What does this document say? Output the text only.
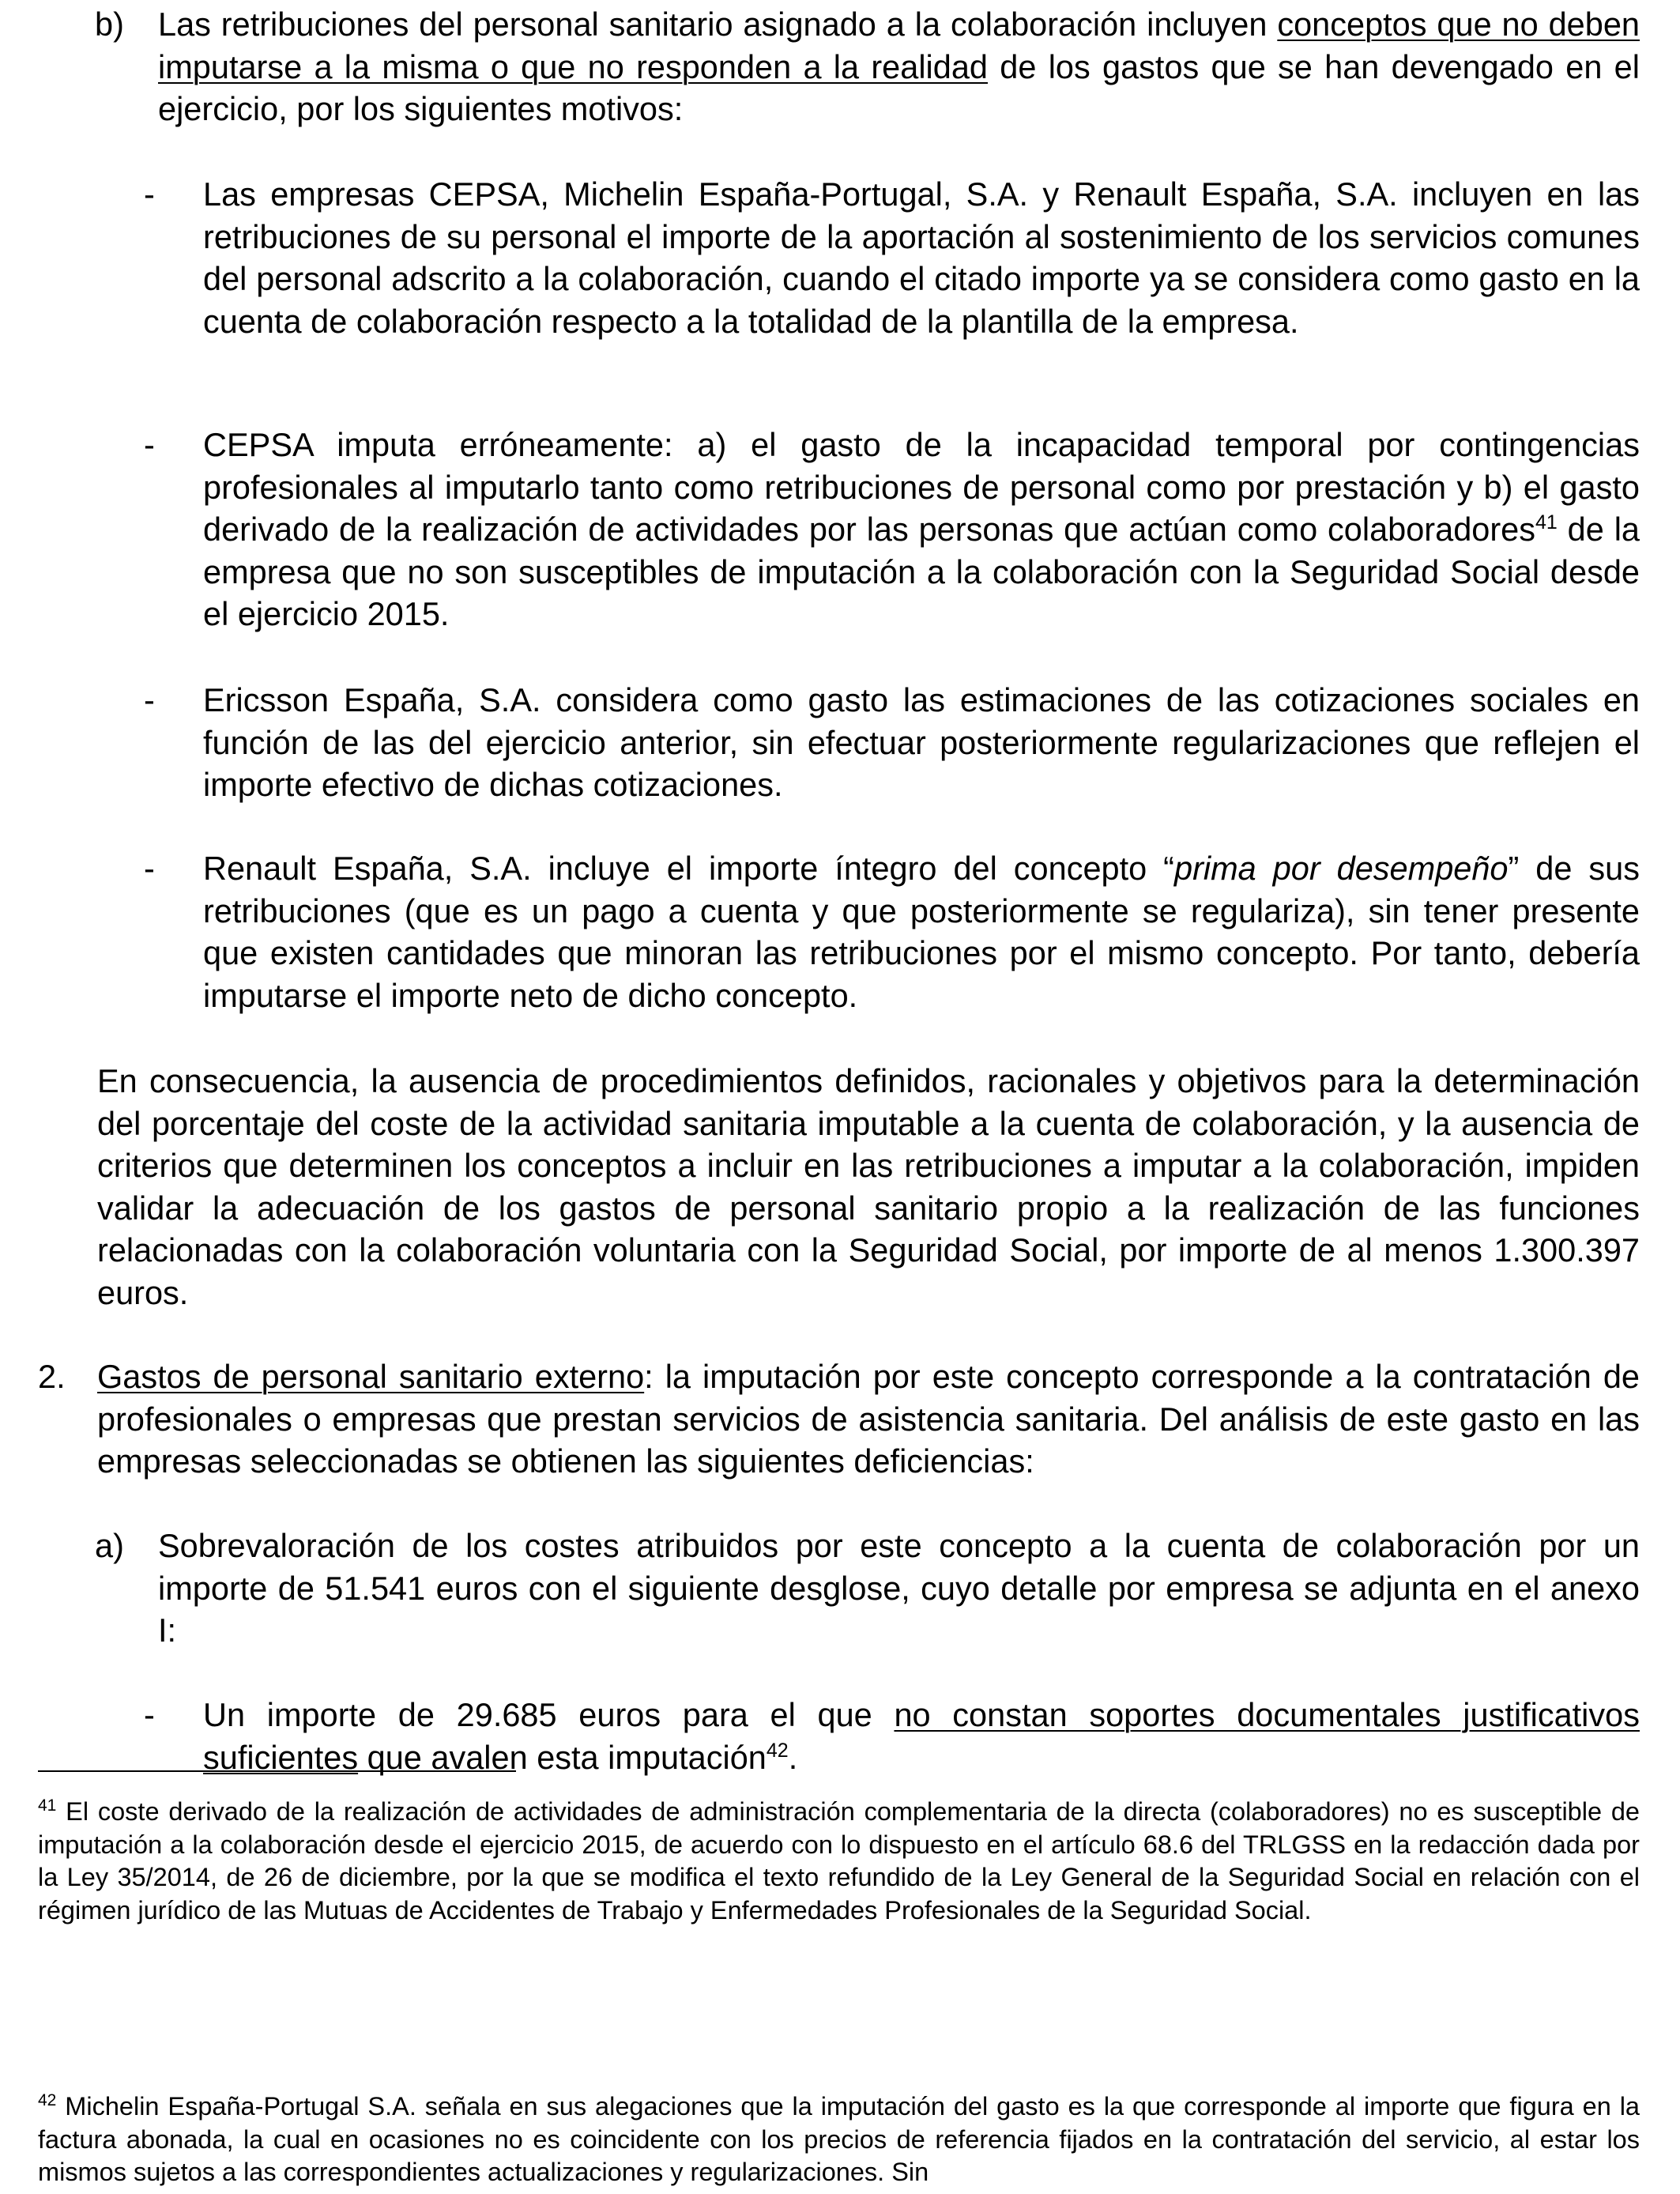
b) Las retribuciones del personal sanitario asignado a la colaboración incluyen conceptos que no deben imputarse a la misma o que no responden a la realidad de los gastos que se han devengado en el ejercicio, por los siguientes motivos:
- Las empresas CEPSA, Michelin España-Portugal, S.A. y Renault España, S.A. incluyen en las retribuciones de su personal el importe de la aportación al sostenimiento de los servicios comunes del personal adscrito a la colaboración, cuando el citado importe ya se considera como gasto en la cuenta de colaboración respecto a la totalidad de la plantilla de la empresa.
- CEPSA imputa erróneamente: a) el gasto de la incapacidad temporal por contingencias profesionales al imputarlo tanto como retribuciones de personal como por prestación y b) el gasto derivado de la realización de actividades por las personas que actúan como colaboradores$^{41}$ de la empresa que no son susceptibles de imputación a la colaboración con la Seguridad Social desde el ejercicio 2015.
- Ericsson España, S.A. considera como gasto las estimaciones de las cotizaciones sociales en función de las del ejercicio anterior, sin efectuar posteriormente regularizaciones que reflejen el importe efectivo de dichas cotizaciones.
- Renault España, S.A. incluye el importe íntegro del concepto “prima por desempeño” de sus retribuciones (que es un pago a cuenta y que posteriormente se regulariza), sin tener presente que existen cantidades que minoran las retribuciones por el mismo concepto. Por tanto, debería imputarse el importe neto de dicho concepto.
En consecuencia, la ausencia de procedimientos definidos, racionales y objetivos para la determinación del porcentaje del coste de la actividad sanitaria imputable a la cuenta de colaboración, y la ausencia de criterios que determinen los conceptos a incluir en las retribuciones a imputar a la colaboración, impiden validar la adecuación de los gastos de personal sanitario propio a la realización de las funciones relacionadas con la colaboración voluntaria con la Seguridad Social, por importe de al menos 1.300.397 euros.
2. Gastos de personal sanitario externo: la imputación por este concepto corresponde a la contratación de profesionales o empresas que prestan servicios de asistencia sanitaria. Del análisis de este gasto en las empresas seleccionadas se obtienen las siguientes deficiencias:
a) Sobrevaloración de los costes atribuidos por este concepto a la cuenta de colaboración por un importe de 51.541 euros con el siguiente desglose, cuyo detalle por empresa se adjunta en el anexo I:
- Un importe de 29.685 euros para el que no constan soportes documentales justificativos suficientes que avalen esta imputación$^{42}$.
$^{41}$ El coste derivado de la realización de actividades de administración complementaria de la directa (colaboradores) no es susceptible de imputación a la colaboración desde el ejercicio 2015, de acuerdo con lo dispuesto en el artículo 68.6 del TRLGSS en la redacción dada por la Ley 35/2014, de 26 de diciembre, por la que se modifica el texto refundido de la Ley General de la Seguridad Social en relación con el régimen jurídico de las Mutuas de Accidentes de Trabajo y Enfermedades Profesionales de la Seguridad Social.
$^{42}$ Michelin España-Portugal S.A. señala en sus alegaciones que la imputación del gasto es la que corresponde al importe que figura en la factura abonada, la cual en ocasiones no es coincidente con los precios de referencia fijados en la contratación del servicio, al estar los mismos sujetos a las correspondientes actualizaciones y regularizaciones. Sin
